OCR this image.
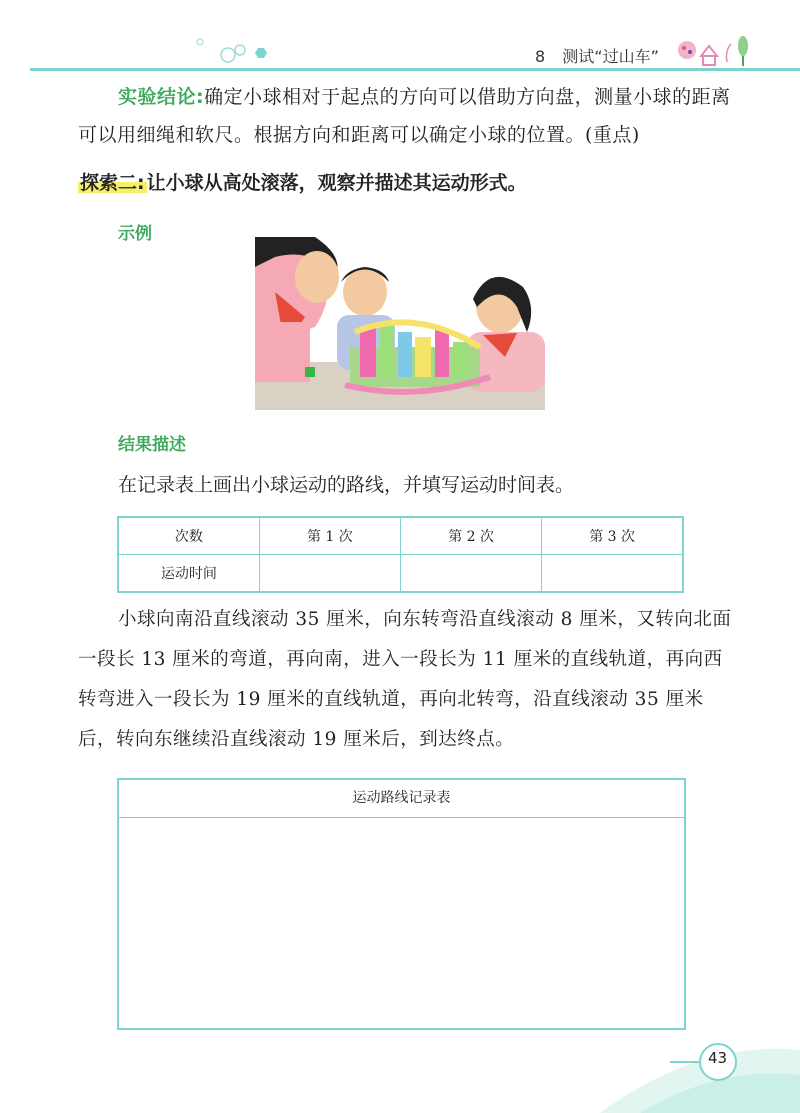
8 测试“过山车”
实验结论:确定小球相对于起点的方向可以借助方向盘，测量小球的距离可以用细绳和软尺。根据方向和距离可以确定小球的位置。(重点)
探索二: 让小球从高处滚落，观察并描述其运动形式。
示例
结果描述
在记录表上画出小球运动的路线，并填写运动时间表。
次数	第 1 次	第 2 次	第 3 次
运动时间			
小球向南沿直线滚动 35 厘米，向东转弯沿直线滚动 8 厘米，又转向北面一段长 13 厘米的弯道，再向南，进入一段长为 11 厘米的直线轨道，再向西转弯进入一段长为 19 厘米的直线轨道，再向北转弯，沿直线滚动 35 厘米后，转向东继续沿直线滚动 19 厘米后，到达终点。
运动路线记录表
43
